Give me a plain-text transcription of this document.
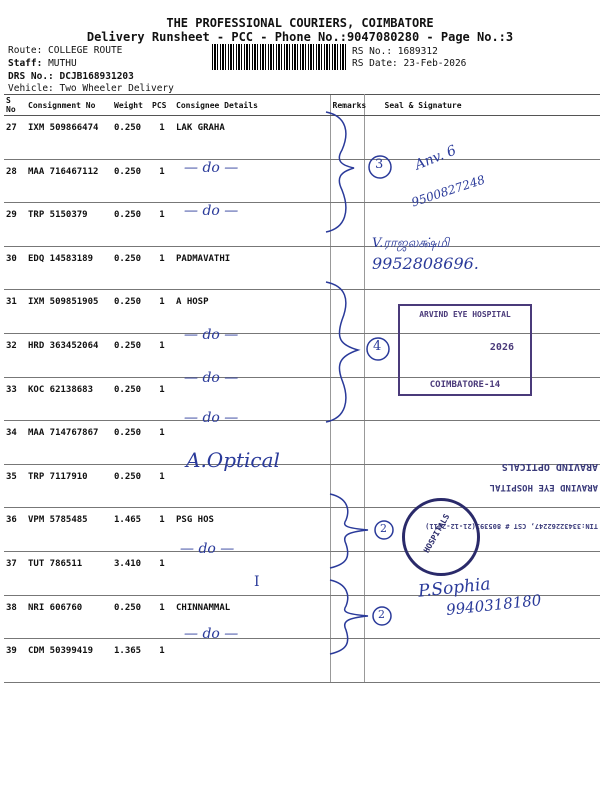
THE PROFESSIONAL COURIERS, COIMBATORE
Delivery Runsheet - PCC - Phone No.:9047080280 - Page No.:3
Route: COLLEGE ROUTE
Staff: MUTHU
DRS No.: DCJB168931203
Vehicle: Two Wheeler Delivery
RS No.: 1689312
RS Date: 23-Feb-2026
S No	Consignment No	Weight	PCS	Consignee Details	Remarks	Seal & Signature
27	IXM 509866474	0.250	1	LAK GRAHA		
28	MAA 716467112	0.250	1			
29	TRP 5150379	0.250	1			
30	EDQ 14583189	0.250	1	PADMAVATHI		
31	IXM 509851905	0.250	1	A HOSP		
32	HRD 363452064	0.250	1			
33	KOC 62138683	0.250	1			
34	MAA 714767867	0.250	1			
35	TRP 7117910	0.250	1			
36	VPM 5785485	1.465	1	PSG HOS		
37	TUT 786511	3.410	1			
38	NRI 606760	0.250	1	CHINNAMMAL		
39	CDM 50399419	1.365	1			
— do —
— do —
— do —
— do —
— do —
— do —
— do —
A.Optical
I
3
4
2
2
Anv. 6
9500827248
V.ராஜலக்ஷ்மி
9952808696.
P.Sophia
9940318180
ARVIND EYE HOSPITAL
2026
COIMBATORE-14
TIN:33432262247, CST # 805393(21-12-2011)
ARAVIND EYE HOSPITAL
ARAVIND OPTICALS
HOSPITALS
